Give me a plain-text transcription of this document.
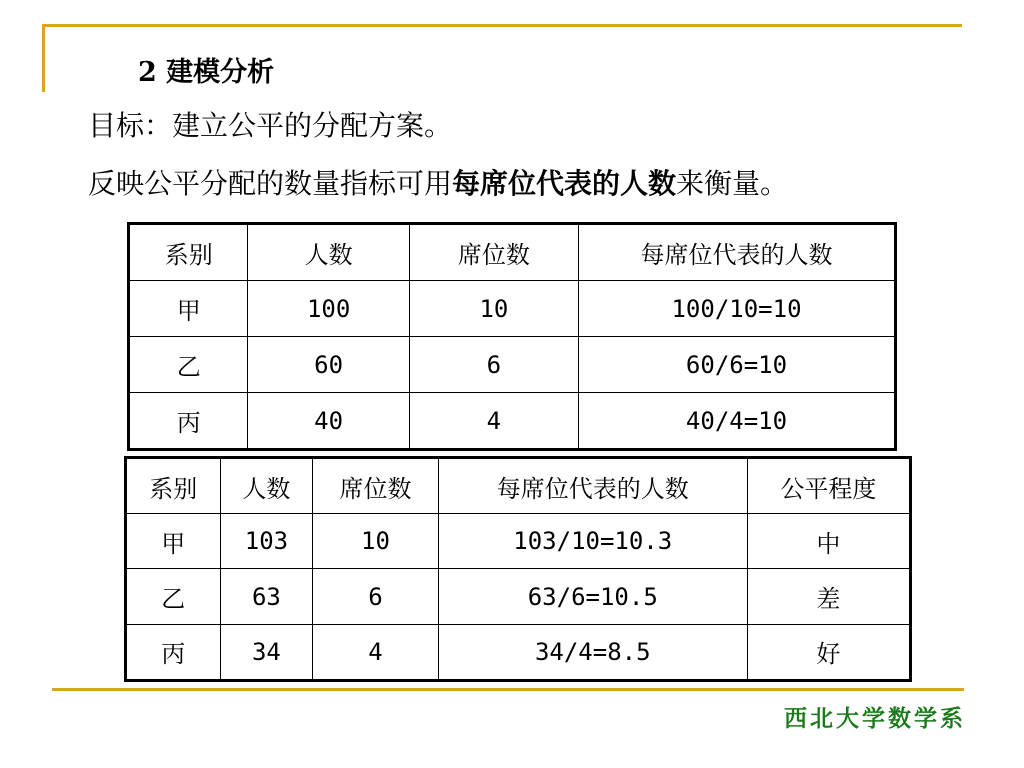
2 建模分析
目标：建立公平的分配方案。
反映公平分配的数量指标可用每席位代表的人数来衡量。
系别	人数	席位数	每席位代表的人数
甲	100	10	100/10=10
乙	60	6	60/6=10
丙	40	4	40/4=10
系别	人数	席位数	每席位代表的人数	公平程度
甲	103	10	103/10=10.3	中
乙	63	6	63/6=10.5	差
丙	34	4	34/4=8.5	好
西北大学数学系
